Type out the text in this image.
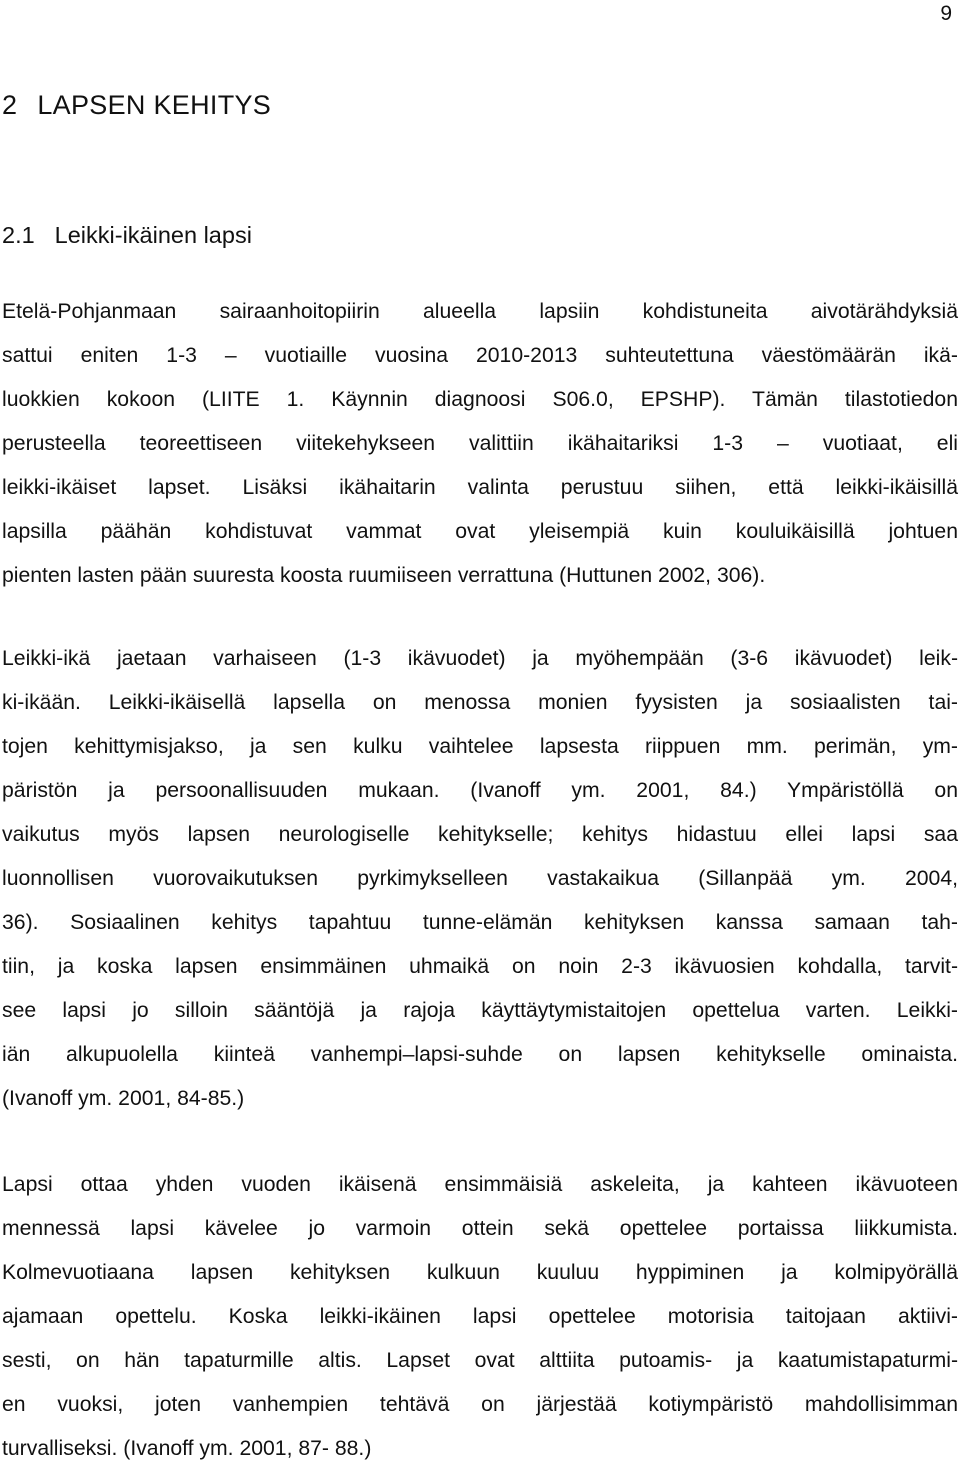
9
2 LAPSEN KEHITYS
2.1 Leikki-ikäinen lapsi
Etelä-Pohjanmaan sairaanhoitopiirin alueella lapsiin kohdistuneita aivotärähdyksiä
sattui eniten 1-3 – vuotiaille vuosina 2010-2013 suhteutettuna väestömäärän ikä-
luokkien kokoon (LIITE 1. Käynnin diagnoosi S06.0, EPSHP). Tämän tilastotiedon
perusteella teoreettiseen viitekehykseen valittiin ikähaitariksi 1-3 – vuotiaat, eli
leikki-ikäiset lapset. Lisäksi ikähaitarin valinta perustuu siihen, että leikki-ikäisillä
lapsilla päähän kohdistuvat vammat ovat yleisempiä kuin kouluikäisillä johtuen
pienten lasten pään suuresta koosta ruumiiseen verrattuna (Huttunen 2002, 306).
Leikki-ikä jaetaan varhaiseen (1-3 ikävuodet) ja myöhempään (3-6 ikävuodet) leik-
ki-ikään. Leikki-ikäisellä lapsella on menossa monien fyysisten ja sosiaalisten tai-
tojen kehittymisjakso, ja sen kulku vaihtelee lapsesta riippuen mm. perimän, ym-
päristön ja persoonallisuuden mukaan. (Ivanoff ym. 2001, 84.) Ympäristöllä on
vaikutus myös lapsen neurologiselle kehitykselle; kehitys hidastuu ellei lapsi saa
luonnollisen vuorovaikutuksen pyrkimykselleen vastakaikua (Sillanpää ym. 2004,
36). Sosiaalinen kehitys tapahtuu tunne-elämän kehityksen kanssa samaan tah-
tiin, ja koska lapsen ensimmäinen uhmaikä on noin 2-3 ikävuosien kohdalla, tarvit-
see lapsi jo silloin sääntöjä ja rajoja käyttäytymistaitojen opettelua varten. Leikki-
iän alkupuolella kiinteä vanhempi–lapsi-suhde on lapsen kehitykselle ominaista.
(Ivanoff ym. 2001, 84-85.)
Lapsi ottaa yhden vuoden ikäisenä ensimmäisiä askeleita, ja kahteen ikävuoteen
mennessä lapsi kävelee jo varmoin ottein sekä opettelee portaissa liikkumista.
Kolmevuotiaana lapsen kehityksen kulkuun kuuluu hyppiminen ja kolmipyörällä
ajamaan opettelu. Koska leikki-ikäinen lapsi opettelee motorisia taitojaan aktiivi-
sesti, on hän tapaturmille altis. Lapset ovat alttiita putoamis- ja kaatumistapaturmi-
en vuoksi, joten vanhempien tehtävä on järjestää kotiympäristö mahdollisimman
turvalliseksi. (Ivanoff ym. 2001, 87- 88.)
